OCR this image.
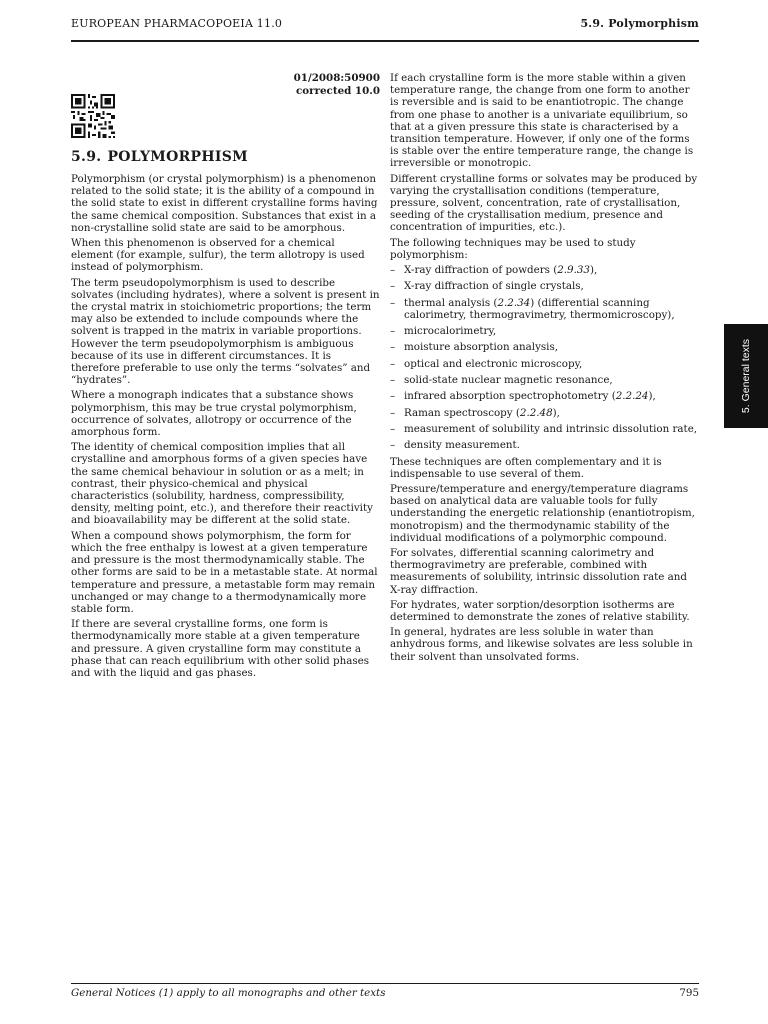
EUROPEAN PHARMACOPOEIA 11.0	5.9. Polymorphism
01/2008:50900
corrected 10.0
5.9. POLYMORPHISM

Polymorphism (or crystal polymorphism) is a phenomenon related to the solid state; it is the ability of a compound in the solid state to exist in different crystalline forms having the same chemical composition. Substances that exist in a non-crystalline solid state are said to be amorphous.

When this phenomenon is observed for a chemical element (for example, sulfur), the term allotropy is used instead of polymorphism.

The term pseudopolymorphism is used to describe solvates (including hydrates), where a solvent is present in the crystal matrix in stoichiometric proportions; the term may also be extended to include compounds where the solvent is trapped in the matrix in variable proportions. However the term pseudopolymorphism is ambiguous because of its use in different circumstances. It is therefore preferable to use only the terms “solvates” and “hydrates”.

Where a monograph indicates that a substance shows polymorphism, this may be true crystal polymorphism, occurrence of solvates, allotropy or occurrence of the amorphous form.

The identity of chemical composition implies that all crystalline and amorphous forms of a given species have the same chemical behaviour in solution or as a melt; in contrast, their physico-chemical and physical characteristics (solubility, hardness, compressibility, density, melting point, etc.), and therefore their reactivity and bioavailability may be different at the solid state.

When a compound shows polymorphism, the form for which the free enthalpy is lowest at a given temperature and pressure is the most thermodynamically stable. The other forms are said to be in a metastable state. At normal temperature and pressure, a metastable form may remain unchanged or may change to a thermodynamically more stable form.

If there are several crystalline forms, one form is thermodynamically more stable at a given temperature and pressure. A given crystalline form may constitute a phase that can reach equilibrium with other solid phases and with the liquid and gas phases.

If each crystalline form is the more stable within a given temperature range, the change from one form to another is reversible and is said to be enantiotropic. The change from one phase to another is a univariate equilibrium, so that at a given pressure this state is characterised by a transition temperature. However, if only one of the forms is stable over the entire temperature range, the change is irreversible or monotropic.

Different crystalline forms or solvates may be produced by varying the crystallisation conditions (temperature, pressure, solvent, concentration, rate of crystallisation, seeding of the crystallisation medium, presence and concentration of impurities, etc.).

The following techniques may be used to study polymorphism:

– X-ray diffraction of powders (2.9.33),
– X-ray diffraction of single crystals,
– thermal analysis (2.2.34) (differential scanning calorimetry, thermogravimetry, thermomicroscopy),
– microcalorimetry,
– moisture absorption analysis,
– optical and electronic microscopy,
– solid-state nuclear magnetic resonance,
– infrared absorption spectrophotometry (2.2.24),
– Raman spectroscopy (2.2.48),
– measurement of solubility and intrinsic dissolution rate,
– density measurement.

These techniques are often complementary and it is indispensable to use several of them.

Pressure/temperature and energy/temperature diagrams based on analytical data are valuable tools for fully understanding the energetic relationship (enantiotropism, monotropism) and the thermodynamic stability of the individual modifications of a polymorphic compound.

For solvates, differential scanning calorimetry and thermogravimetry are preferable, combined with measurements of solubility, intrinsic dissolution rate and X-ray diffraction.

For hydrates, water sorption/desorption isotherms are determined to demonstrate the zones of relative stability.

In general, hydrates are less soluble in water than anhydrous forms, and likewise solvates are less soluble in their solvent than unsolvated forms.

5. General texts
General Notices (1) apply to all monographs and other texts	795
